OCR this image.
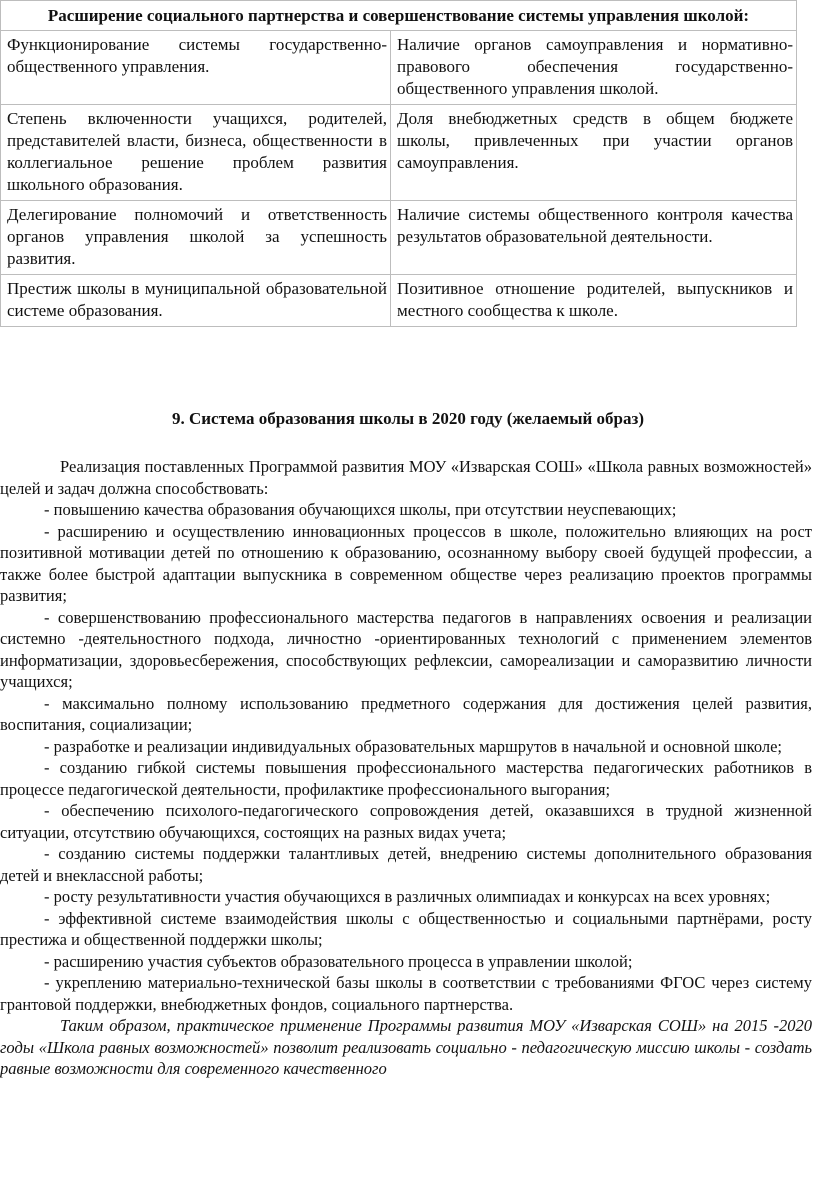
Расширение социального партнерства и совершенствование системы управления школой:	
Функционирование системы государственно-общественного управления.	Наличие органов самоуправления и нормативно-правового обеспечения государственно-общественного управления школой.
Степень включенности учащихся, родителей, представителей власти, бизнеса, общественности в коллегиальное решение проблем развития школьного образования.	Доля внебюджетных средств в общем бюджете школы, привлеченных при участии органов самоуправления.
Делегирование полномочий и ответственность органов управления школой за успешность развития.	Наличие системы общественного контроля качества результатов образовательной деятельности.
Престиж школы в муниципальной образовательной системе образования.	Позитивное отношение родителей, выпускников и местного сообщества к школе.
9. Система образования школы в 2020 году (желаемый образ)

Реализация поставленных Программой развития МОУ «Изварская СОШ» «Школа равных возможностей» целей и задач должна способствовать:

- повышению качества образования обучающихся школы, при отсутствии неуспевающих;

- расширению и осуществлению инновационных процессов в школе, положительно влияющих на рост позитивной мотивации детей по отношению к образованию, осознанному выбору своей будущей профессии, а также более быстрой адаптации выпускника в современном обществе через реализацию проектов программы развития;

- совершенствованию профессионального мастерства педагогов в направлениях освоения и реализации системно -деятельностного подхода, личностно -ориентированных технологий с применением элементов информатизации, здоровьесбережения, способствующих рефлексии, самореализации и саморазвитию личности учащихся;

- максимально полному использованию предметного содержания для достижения целей развития, воспитания, социализации;

- разработке и реализации индивидуальных образовательных маршрутов в начальной и основной школе;

- созданию гибкой системы повышения профессионального мастерства педагогических работников в процессе педагогической деятельности, профилактике профессионального выгорания;

- обеспечению психолого-педагогического сопровождения детей, оказавшихся в трудной жизненной ситуации, отсутствию обучающихся, состоящих на разных видах учета;

- созданию системы поддержки талантливых детей, внедрению системы дополнительного образования детей и внеклассной работы;

- росту результативности участия обучающихся в различных олимпиадах и конкурсах на всех уровнях;

- эффективной системе взаимодействия школы с общественностью и социальными партнёрами, росту престижа и общественной поддержки школы;

- расширению участия субъектов образовательного процесса в управлении школой;

- укреплению материально-технической базы школы в соответствии с требованиями ФГОС через систему грантовой поддержки, внебюджетных фондов, социального партнерства.

Таким образом, практическое применение Программы развития МОУ «Изварская СОШ» на 2015 -2020 годы «Школа равных возможностей» позволит реализовать социально - педагогическую миссию школы - создать равные возможности для современного качественного
